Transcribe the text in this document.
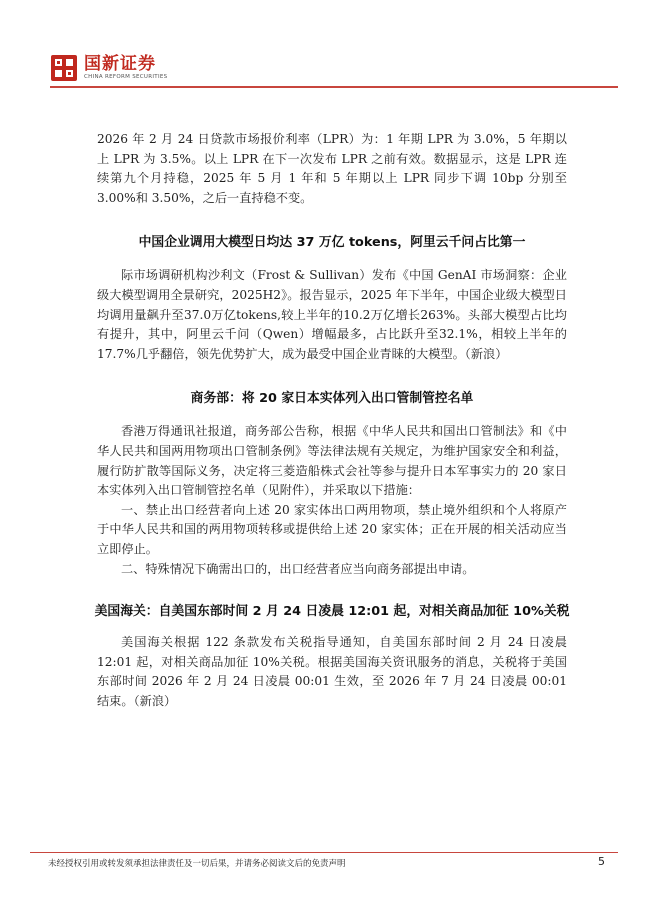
国新证券
CHINA REFORM SECURITIES

2026 年 2 月 24 日贷款市场报价利率（LPR）为：1 年期 LPR 为 3.0%，5 年期以上 LPR 为 3.5%。以上 LPR 在下一次发布 LPR 之前有效。数据显示，这是 LPR 连续第九个月持稳，2025 年 5 月 1 年和 5 年期以上 LPR 同步下调 10bp 分别至 3.00%和 3.50%，之后一直持稳不变。

中国企业调用大模型日均达 37 万亿 tokens，阿里云千问占比第一

际市场调研机构沙利文（Frost & Sullivan）发布《中国 GenAI 市场洞察：企业级大模型调用全景研究，2025H2》。报告显示，2025 年下半年，中国企业级大模型日均调用量飙升至37.0万亿tokens,较上半年的10.2万亿增长263%。头部大模型占比均有提升，其中，阿里云千问（Qwen）增幅最多，占比跃升至32.1%，相较上半年的 17.7%几乎翻倍，领先优势扩大，成为最受中国企业青睐的大模型。（新浪）

商务部：将 20 家日本实体列入出口管制管控名单

香港万得通讯社报道，商务部公告称，根据《中华人民共和国出口管制法》和《中华人民共和国两用物项出口管制条例》等法律法规有关规定，为维护国家安全和利益，履行防扩散等国际义务，决定将三菱造船株式会社等参与提升日本军事实力的 20 家日本实体列入出口管制管控名单（见附件），并采取以下措施：

一、禁止出口经营者向上述 20 家实体出口两用物项，禁止境外组织和个人将原产于中华人民共和国的两用物项转移或提供给上述 20 家实体；正在开展的相关活动应当立即停止。

二、特殊情况下确需出口的，出口经营者应当向商务部提出申请。

美国海关：自美国东部时间 2 月 24 日凌晨 12:01 起，对相关商品加征 10%关税

美国海关根据 122 条款发布关税指导通知，自美国东部时间 2 月 24 日凌晨 12:01 起，对相关商品加征 10%关税。根据美国海关资讯服务的消息，关税将于美国东部时间 2026 年 2 月 24 日凌晨 00:01 生效，至 2026 年 7 月 24 日凌晨 00:01 结束。（新浪）

未经授权引用或转发须承担法律责任及一切后果，并请务必阅读文后的免责声明	5
